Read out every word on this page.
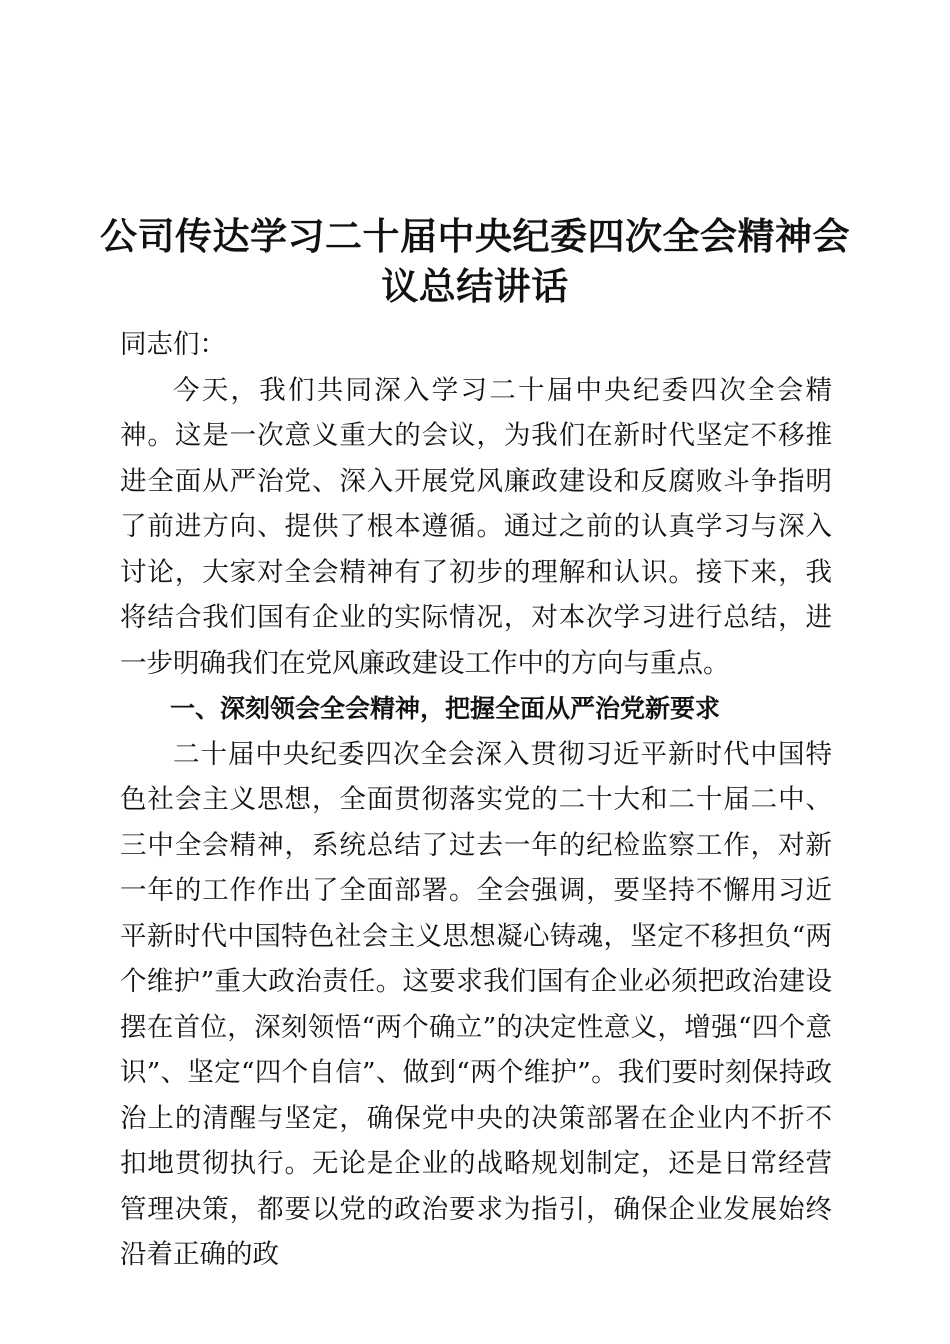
公司传达学习二十届中央纪委四次全会精神会议总结讲话

同志们：

今天，我们共同深入学习二十届中央纪委四次全会精神。这是一次意义重大的会议，为我们在新时代坚定不移推进全面从严治党、深入开展党风廉政建设和反腐败斗争指明了前进方向、提供了根本遵循。通过之前的认真学习与深入讨论，大家对全会精神有了初步的理解和认识。接下来，我将结合我们国有企业的实际情况，对本次学习进行总结，进一步明确我们在党风廉政建设工作中的方向与重点。

一、深刻领会全会精神，把握全面从严治党新要求

二十届中央纪委四次全会深入贯彻习近平新时代中国特色社会主义思想，全面贯彻落实党的二十大和二十届二中、三中全会精神，系统总结了过去一年的纪检监察工作，对新一年的工作作出了全面部署。全会强调，要坚持不懈用习近平新时代中国特色社会主义思想凝心铸魂，坚定不移担负“两个维护”重大政治责任。这要求我们国有企业必须把政治建设摆在首位，深刻领悟“两个确立”的决定性意义，增强“四个意识”、坚定“四个自信”、做到“两个维护”。我们要时刻保持政治上的清醒与坚定，确保党中央的决策部署在企业内不折不扣地贯彻执行。无论是企业的战略规划制定，还是日常经营管理决策，都要以党的政治要求为指引，确保企业发展始终沿着正确的政
